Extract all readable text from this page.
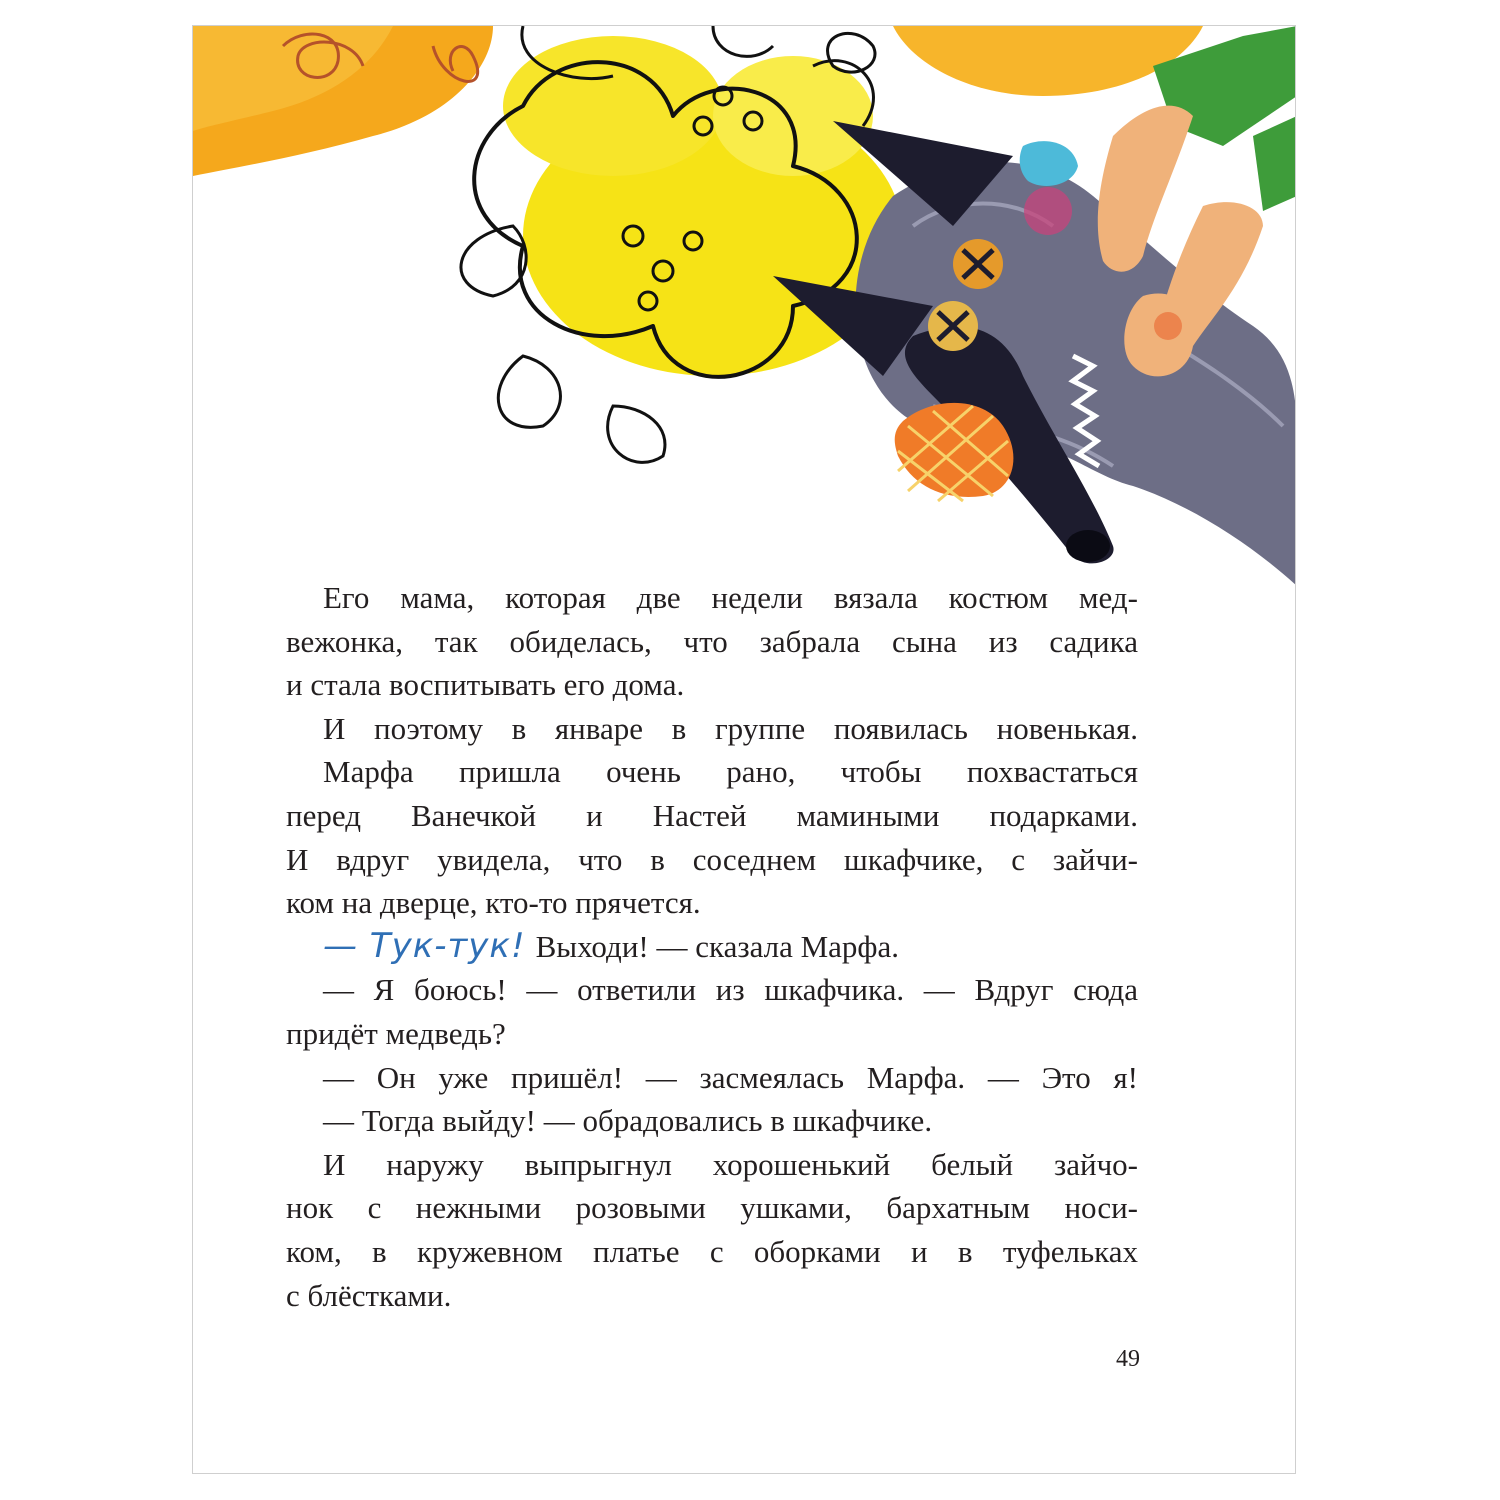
Его мама, которая две недели вязала костюм мед-
вежонка, так обиделась, что забрала сына из садика
и стала воспитывать его дома.
И поэтому в январе в группе появилась новенькая.
Марфа пришла очень рано, чтобы похвастаться
перед Ванечкой и Настей мамиными подарками.
И вдруг увидела, что в соседнем шкафчике, с зайчи-
ком на дверце, кто-то прячется.
— Тук-тук! Выходи! — сказала Марфа.
— Я боюсь! — ответили из шкафчика. — Вдруг сюда
придёт медведь?
— Он уже пришёл! — засмеялась Марфа. — Это я!
— Тогда выйду! — обрадовались в шкафчике.
И наружу выпрыгнул хорошенький белый зайчо-
нок с нежными розовыми ушками, бархатным носи-
ком, в кружевном платье с оборками и в туфельках
с блёстками.
49
